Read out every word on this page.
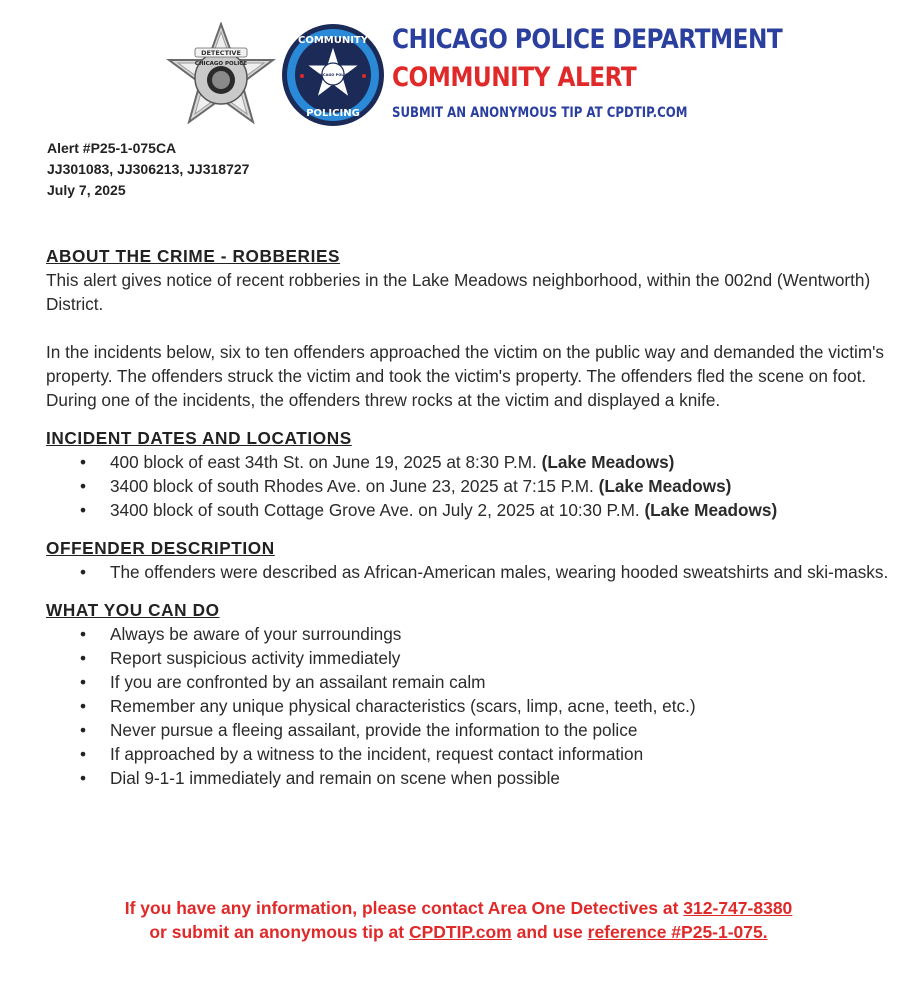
DETECTIVE
CHICAGO POLICE
CHICAGO POLICE
COMMUNITY
POLICING
CHICAGO POLICE DEPARTMENT
COMMUNITY ALERT
SUBMIT AN ANONYMOUS TIP AT CPDTIP.COM
Alert #P25-1-075CA
JJ301083, JJ306213, JJ318727
July 7, 2025
ABOUT THE CRIME - ROBBERIES
This alert gives notice of recent robberies in the Lake Meadows neighborhood, within the 002nd (Wentworth) District.
In the incidents below, six to ten offenders approached the victim on the public way and demanded the victim's property. The offenders struck the victim and took the victim's property. The offenders fled the scene on foot. During one of the incidents, the offenders threw rocks at the victim and displayed a knife.
INCIDENT DATES AND LOCATIONS
• 400 block of east 34th St. on June 19, 2025 at 8:30 P.M. (Lake Meadows)
• 3400 block of south Rhodes Ave. on June 23, 2025 at 7:15 P.M. (Lake Meadows)
• 3400 block of south Cottage Grove Ave. on July 2, 2025 at 10:30 P.M. (Lake Meadows)
OFFENDER DESCRIPTION
• The offenders were described as African-American males, wearing hooded sweatshirts and ski-masks.
WHAT YOU CAN DO
• Always be aware of your surroundings
• Report suspicious activity immediately
• If you are confronted by an assailant remain calm
• Remember any unique physical characteristics (scars, limp, acne, teeth, etc.)
• Never pursue a fleeing assailant, provide the information to the police
• If approached by a witness to the incident, request contact information
• Dial 9-1-1 immediately and remain on scene when possible
If you have any information, please contact Area One Detectives at 312-747-8380
or submit an anonymous tip at CPDTIP.com and use reference #P25-1-075.
